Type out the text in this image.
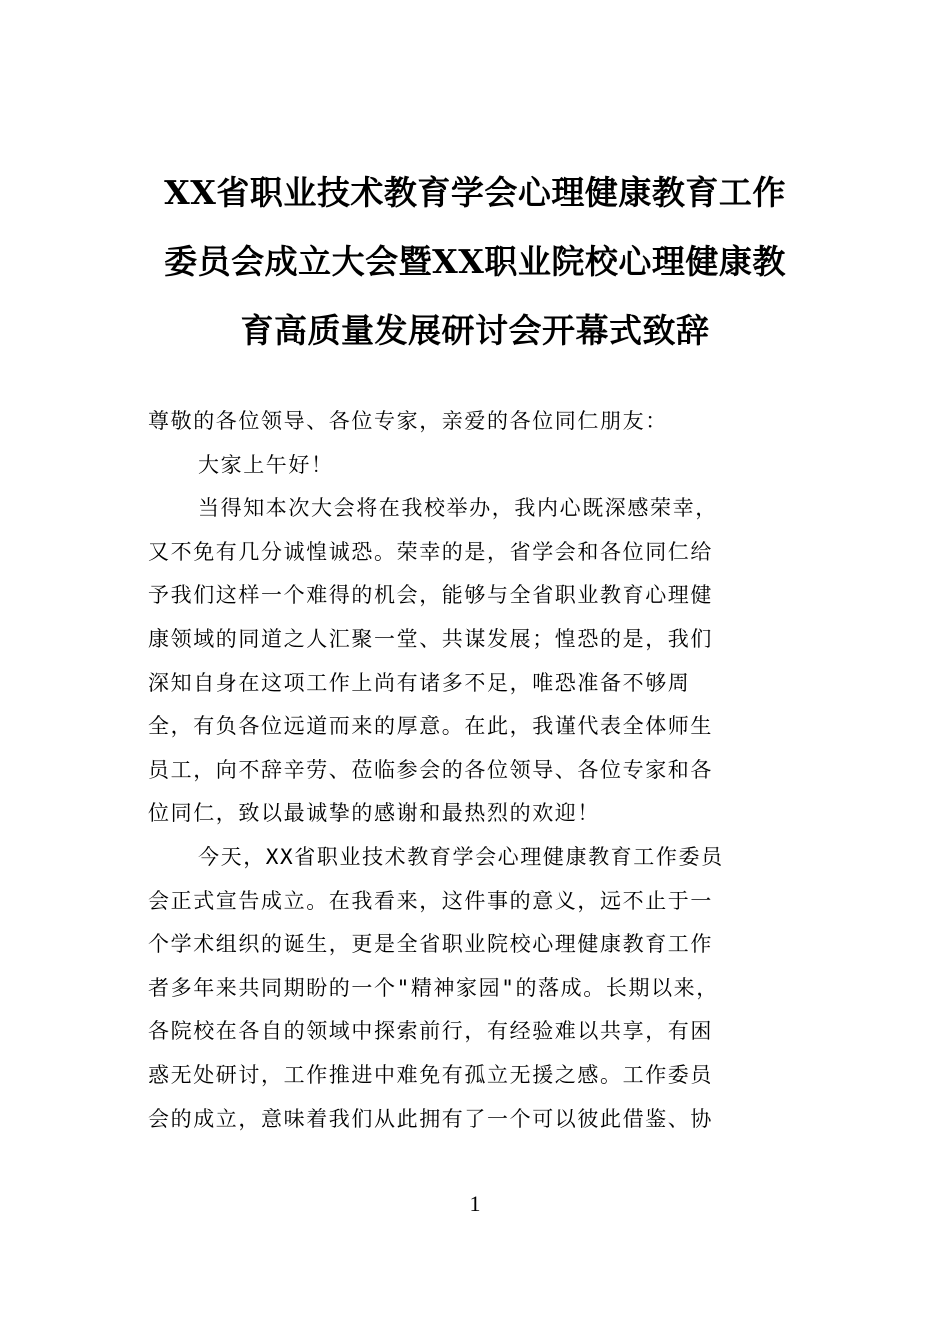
XX省职业技术教育学会心理健康教育工作
委员会成立大会暨XX职业院校心理健康教
育高质量发展研讨会开幕式致辞
尊敬的各位领导、各位专家，亲爱的各位同仁朋友：
大家上午好！
当得知本次大会将在我校举办，我内心既深感荣幸，
又不免有几分诚惶诚恐。荣幸的是，省学会和各位同仁给
予我们这样一个难得的机会，能够与全省职业教育心理健
康领域的同道之人汇聚一堂、共谋发展；惶恐的是，我们
深知自身在这项工作上尚有诸多不足，唯恐准备不够周
全，有负各位远道而来的厚意。在此，我谨代表全体师生
员工，向不辞辛劳、莅临参会的各位领导、各位专家和各
位同仁，致以最诚挚的感谢和最热烈的欢迎！
今天，XX省职业技术教育学会心理健康教育工作委员
会正式宣告成立。在我看来，这件事的意义，远不止于一
个学术组织的诞生，更是全省职业院校心理健康教育工作
者多年来共同期盼的一个"精神家园"的落成。长期以来，
各院校在各自的领域中探索前行，有经验难以共享，有困
惑无处研讨，工作推进中难免有孤立无援之感。工作委员
会的成立，意味着我们从此拥有了一个可以彼此借鉴、协
1
